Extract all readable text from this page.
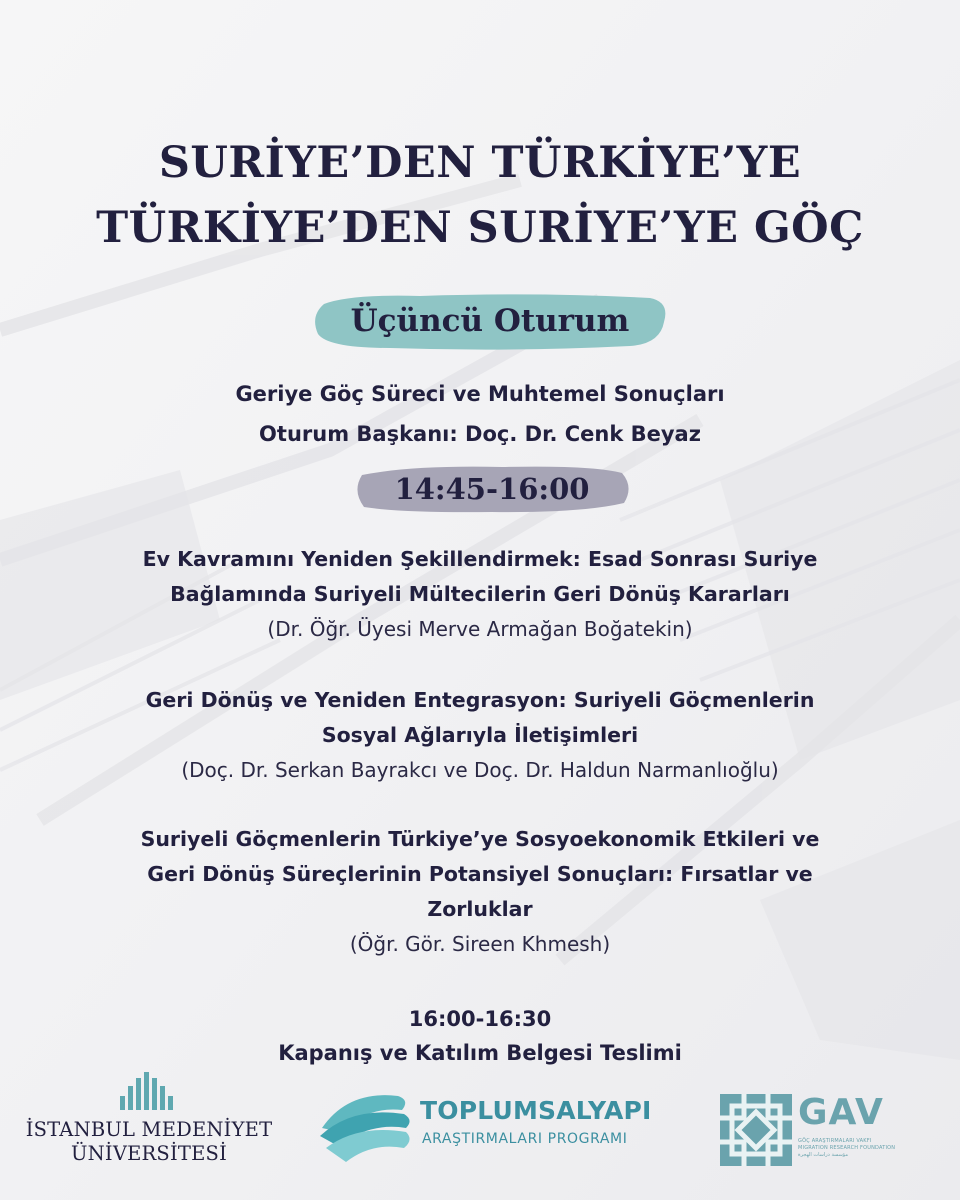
SURİYE’DEN TÜRKİYE’YE
TÜRKİYE’DEN SURİYE’YE GÖÇ
Üçüncü Oturum
Geriye Göç Süreci ve Muhtemel Sonuçları
Oturum Başkanı: Doç. Dr. Cenk Beyaz
14:45-16:00
Ev Kavramını Yeniden Şekillendirmek: Esad Sonrası Suriye
Bağlamında Suriyeli Mültecilerin Geri Dönüş Kararları
(Dr. Öğr. Üyesi Merve Armağan Boğatekin)
Geri Dönüş ve Yeniden Entegrasyon: Suriyeli Göçmenlerin
Sosyal Ağlarıyla İletişimleri
(Doç. Dr. Serkan Bayrakcı ve Doç. Dr. Haldun Narmanlıoğlu)
Suriyeli Göçmenlerin Türkiye’ye Sosyoekonomik Etkileri ve
Geri Dönüş Süreçlerinin Potansiyel Sonuçları: Fırsatlar ve
Zorluklar
(Öğr. Gör. Sireen Khmesh)
16:00-16:30
Kapanış ve Katılım Belgesi Teslimi
İSTANBUL MEDENİYET
ÜNİVERSİTESİ
TOPLUMSALYAPI
ARAŞTIRMALARI PROGRAMI
GAV
GÖÇ ARAŞTIRMALARI VAKFI
MIGRATION RESEARCH FOUNDATION
مؤسسة دراسات الهجرة
